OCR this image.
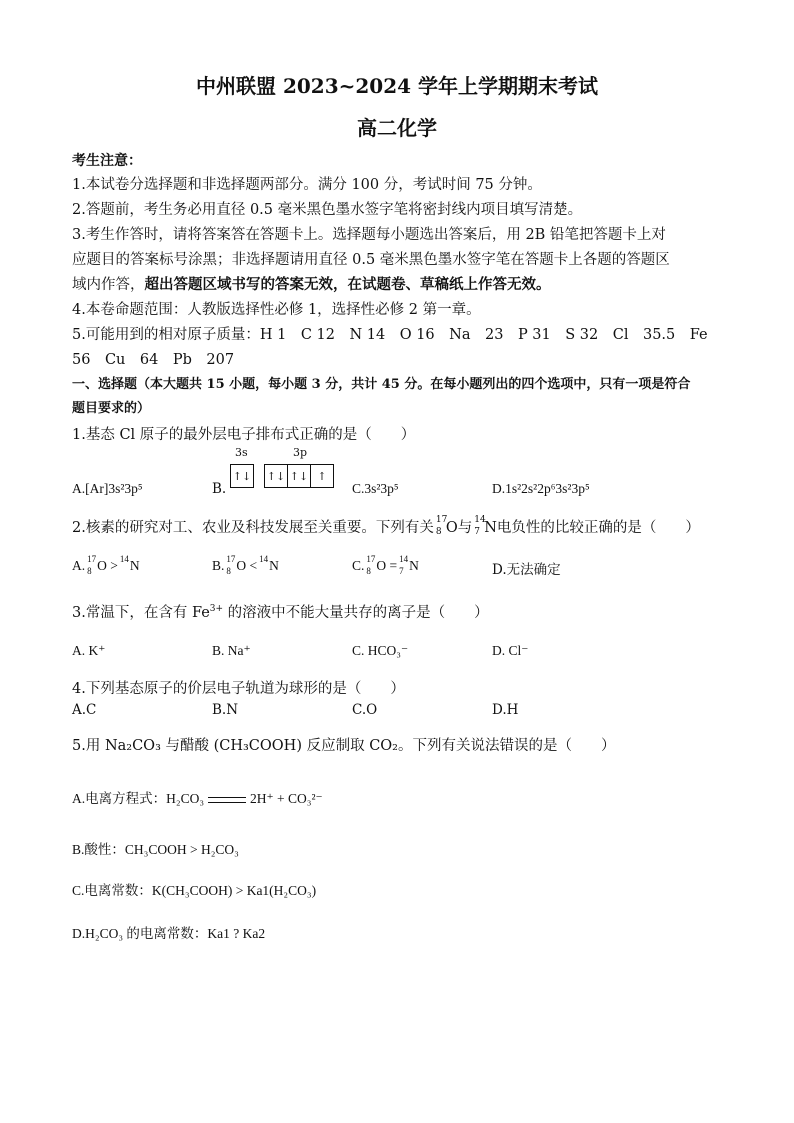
中州联盟 2023~2024 学年上学期期末考试
高二化学
考生注意：
1.本试卷分选择题和非选择题两部分。满分 100 分，考试时间 75 分钟。
2.答题前，考生务必用直径 0.5 毫米黑色墨水签字笔将密封线内项目填写清楚。
3.考生作答时，请将答案答在答题卡上。选择题每小题选出答案后，用 2B 铅笔把答题卡上对
应题目的答案标号涂黑；非选择题请用直径 0.5 毫米黑色墨水签字笔在答题卡上各题的答题区
域内作答，超出答题区域书写的答案无效，在试题卷、草稿纸上作答无效。
4.本卷命题范围：人教版选择性必修 1，选择性必修 2 第一章。
5.可能用到的相对原子质量：H 1　C 12　N 14　O 16　Na　23　P 31　S 32　Cl　35.5　Fe
56　Cu　64　Pb　207
一、选择题（本大题共 15 小题，每小题 3 分，共计 45 分。在每小题列出的四个选项中，只有一项是符合
题目要求的）
1.基态 Cl 原子的最外层电子排布式正确的是（　　）
A.[Ar]3s²3p⁵	B.
3s	3p
↑↓ ↑↓ ↑↓ ↑
C.3s²3p⁵	D.1s²2s²2p⁶3s²3p⁵
2.核素的研究对工、农业及科技发展至关重要。下列有关 17
8 O与 14
7 N电负性的比较正确的是（　　）
A. 17
8 O > 14 N	B. 17
8 O < 14 N	C. 17
8 O = 14
7 N	D.无法确定
3.常温下，在含有 $Fe^{3+}$ 的溶液中不能大量共存的离子是（　　）
A. K⁺	B. Na⁺	C. HCO₃⁻	D. Cl⁻
4.下列基态原子的价层电子轨道为球形的是（　　）
A.C	B.N	C.O	D.H
5.用 Na₂CO₃ 与醋酸 (CH₃COOH) 反应制取 CO₂。下列有关说法错误的是（　　）
A.电离方程式：H₂CO₃	2H⁺ + CO₃²⁻
B.酸性：CH₃COOH > H₂CO₃
C.电离常数：K(CH₃COOH) > Ka1(H₂CO₃)
D.H₂CO₃ 的电离常数：Ka1 ? Ka2
